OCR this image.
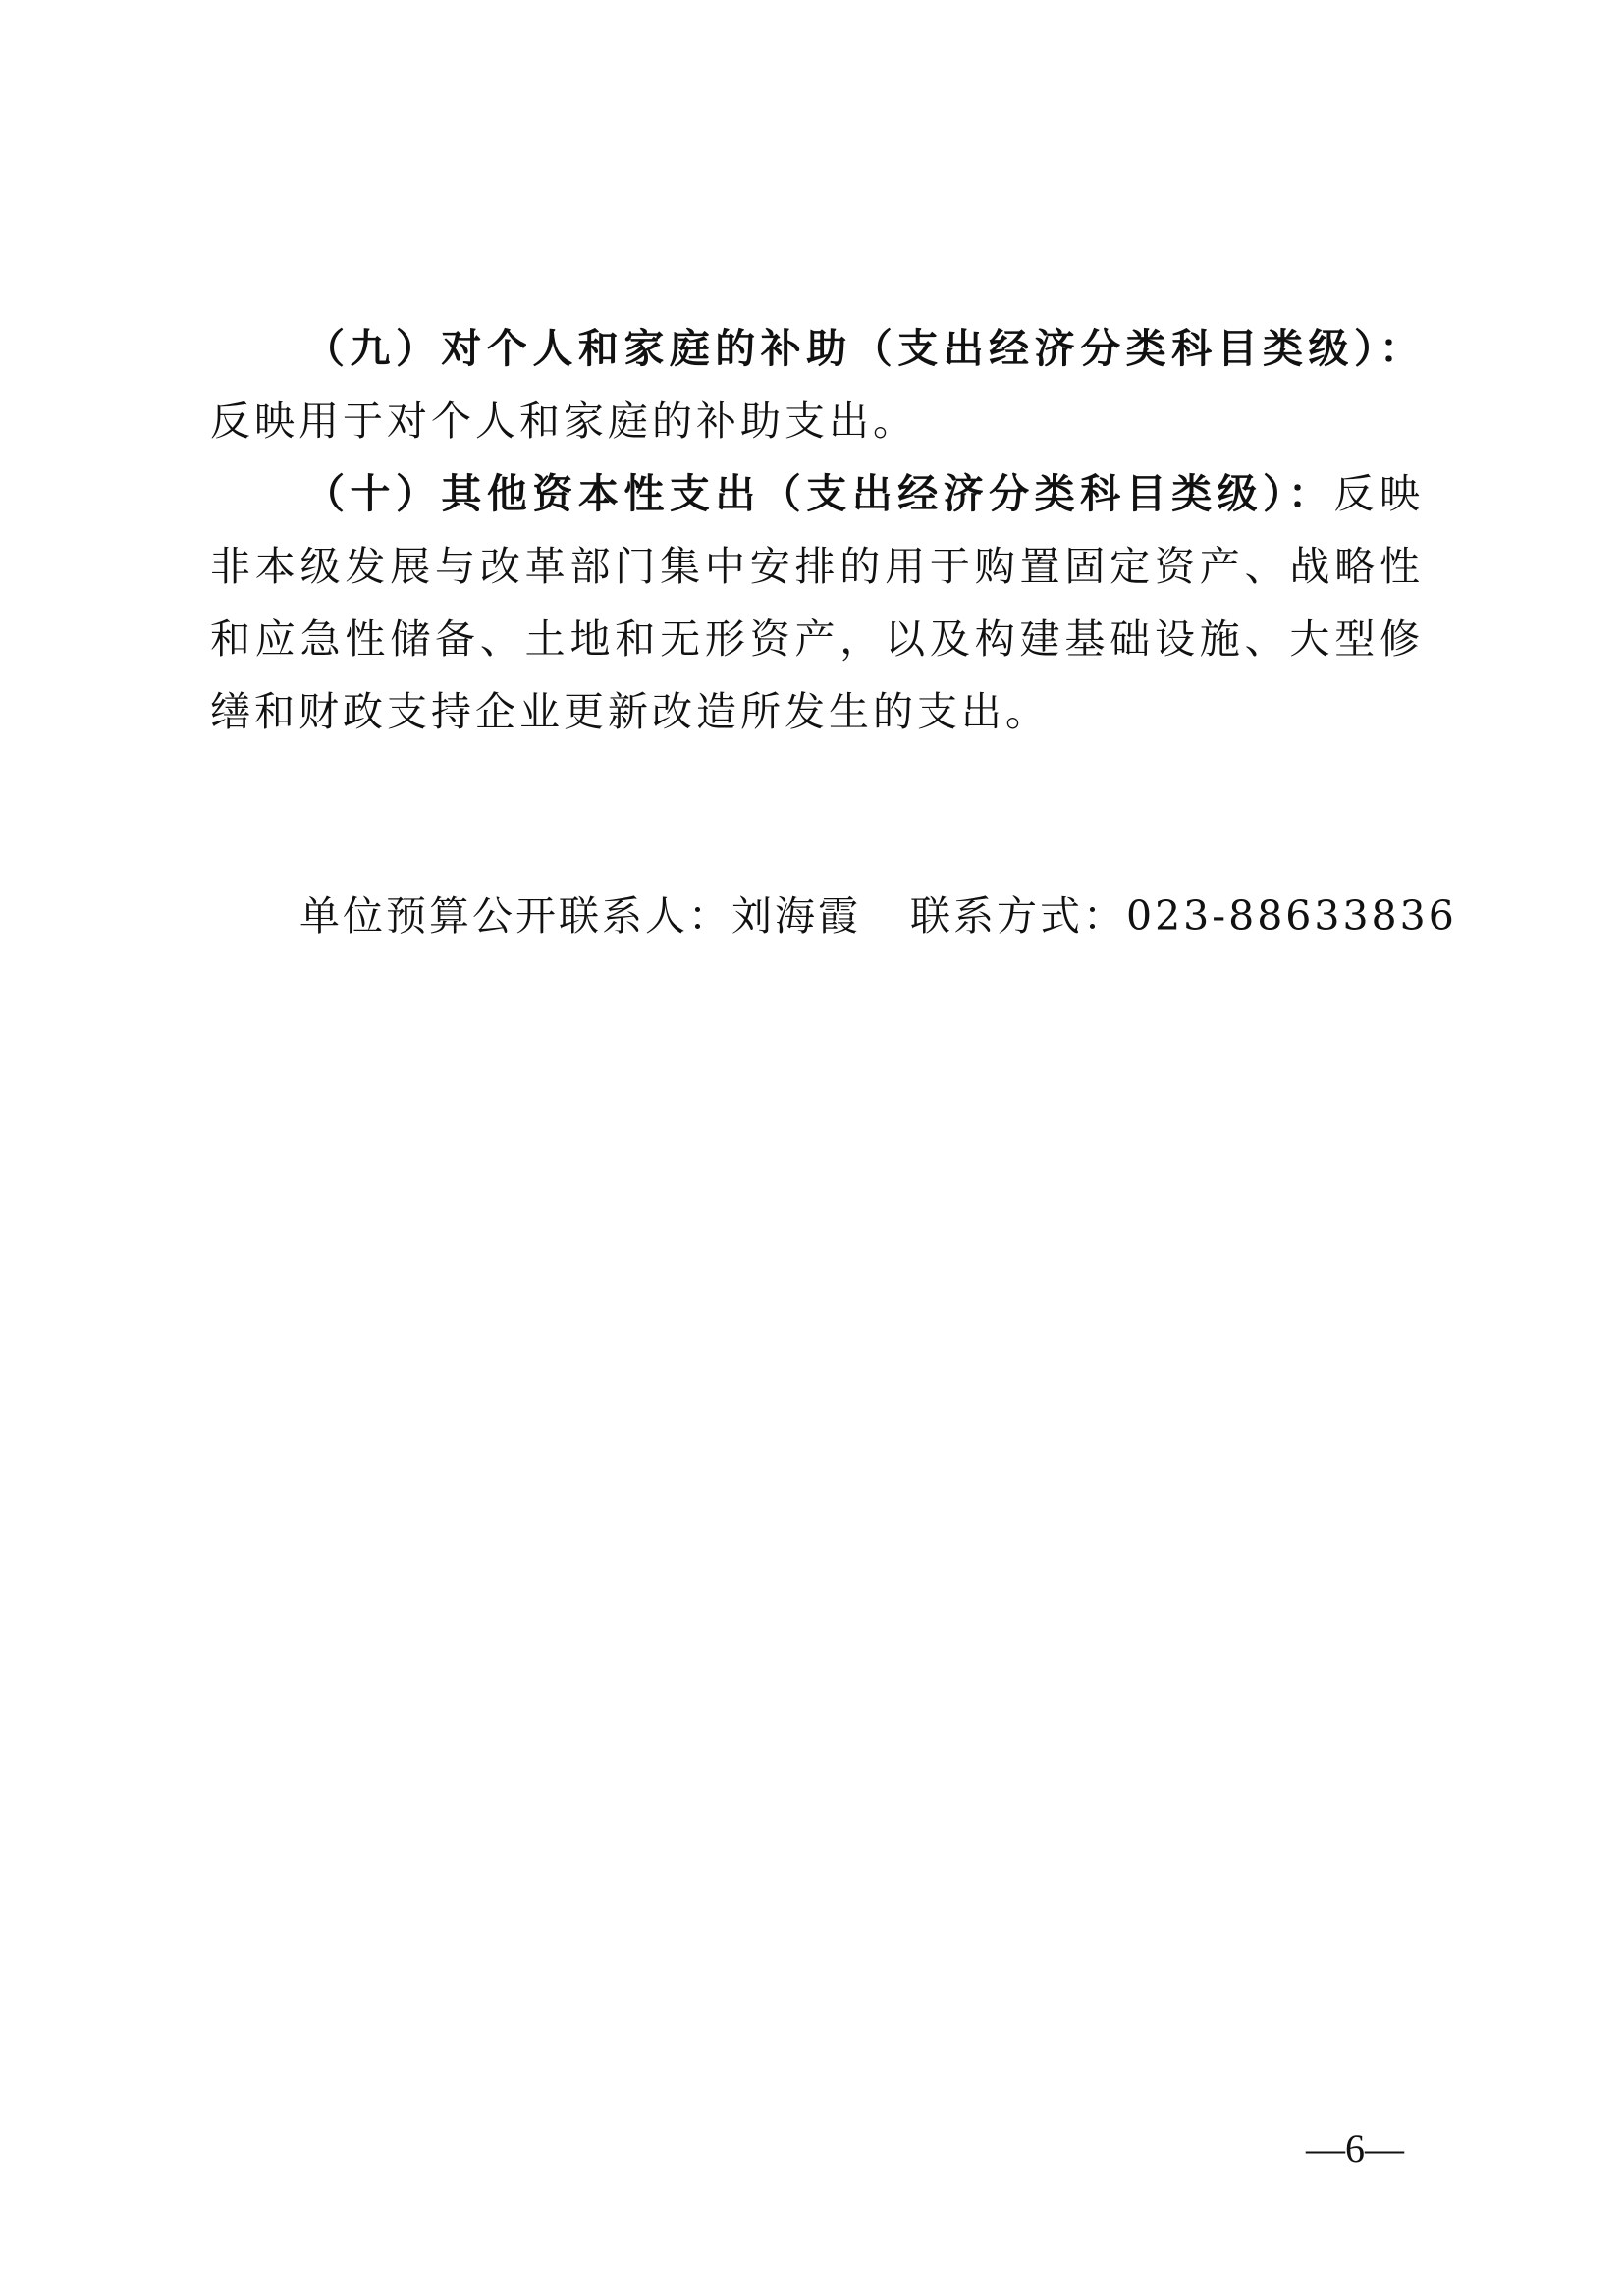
（九）对个人和家庭的补助（支出经济分类科目类级）：反映用于对个人和家庭的补助支出。

（十）其他资本性支出（支出经济分类科目类级）：反映非本级发展与改革部门集中安排的用于购置固定资产、战略性和应急性储备、土地和无形资产，以及构建基础设施、大型修缮和财政支持企业更新改造所发生的支出。

单位预算公开联系人：刘海霞 联系方式：023-88633836
—6—
